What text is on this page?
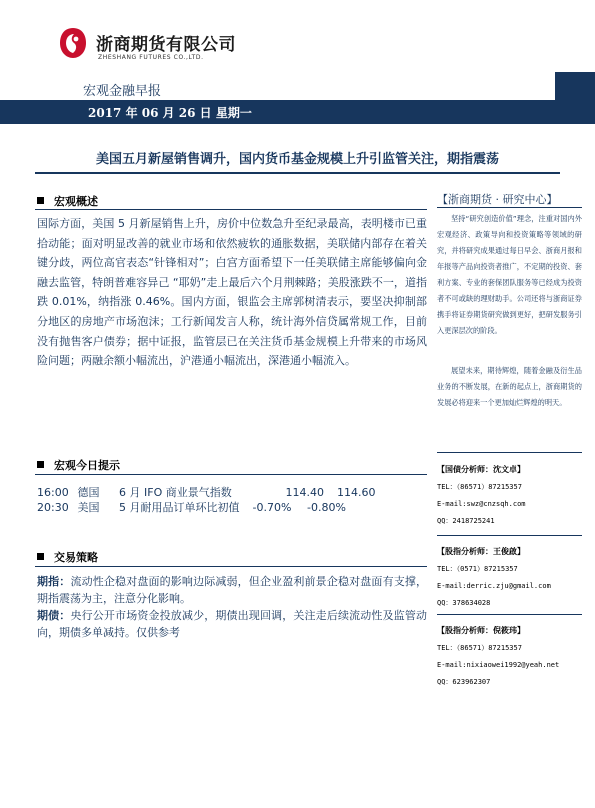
浙商期货有限公司
ZHESHANG FUTURES CO.,LTD.
宏观金融早报
2017 年 06 月 26 日 星期一
美国五月新屋销售调升，国内货币基金规模上升引监管关注，期指震荡
宏观概述
国际方面，美国 5 月新屋销售上升，房价中位数急升至纪录最高，表明楼市已重拾动能；面对明显改善的就业市场和依然疲软的通胀数据，美联储内部存在着关键分歧，两位高官表态“针锋相对”；白宫方面希望下一任美联储主席能够偏向金融去监管，特朗普难容异己 “耶奶”走上最后六个月荆棘路；美股涨跌不一，道指跌 0.01%，纳指涨 0.46%。国内方面，银监会主席郭树清表示，要坚决抑制部分地区的房地产市场泡沫；工行新闻发言人称，统计海外信贷属常规工作，目前没有抛售客户债券；据中证报，监管层已在关注货币基金规模上升带来的市场风险问题；两融余额小幅流出，沪港通小幅流出，深港通小幅流入。
宏观今日提示
16:00 德国 6 月 IFO 商业景气指数	114.40 114.60
20:30 美国 5 月耐用品订单环比初值 -0.70% -0.80%
交易策略
期指：流动性企稳对盘面的影响边际减弱，但企业盈利前景企稳对盘面有支撑，期指震荡为主，注意分化影响。
期债：央行公开市场资金投放减少，期债出现回调，关注走后续流动性及监管动向，期债多单减持。仅供参考
【浙商期货 · 研究中心】
坚持“研究创造价值”理念，注重对国内外宏观经济、政策导向和投资策略等领域的研究，并将研究成果通过每日早会、浙商月报和年报等产品向投资者推广，不定期的投资、套利方案、专业的套保团队服务等已经成为投资者不可或缺的理财助手。公司还将与浙商证券携手将证券期货研究做到更好，把研发服务引入更深层次的阶段。
展望未来，期待辉煌，随着金融及衍生品业务的不断发展，在新的起点上，浙商期货的发展必将迎来一个更加灿烂辉煌的明天。
【国债分析师：沈文卓】
TEL：（86571）87215357
E-mail:swz@cnzsqh.com
QQ：2418725241
【股指分析师：王俊啟】
TEL：（0571）87215357
E-mail:derric.zju@gmail.com
QQ：378634028
【股指分析师：倪筱玮】
TEL：（86571）87215357
E-mail:nixiaowei1992@yeah.net
QQ：623962307
